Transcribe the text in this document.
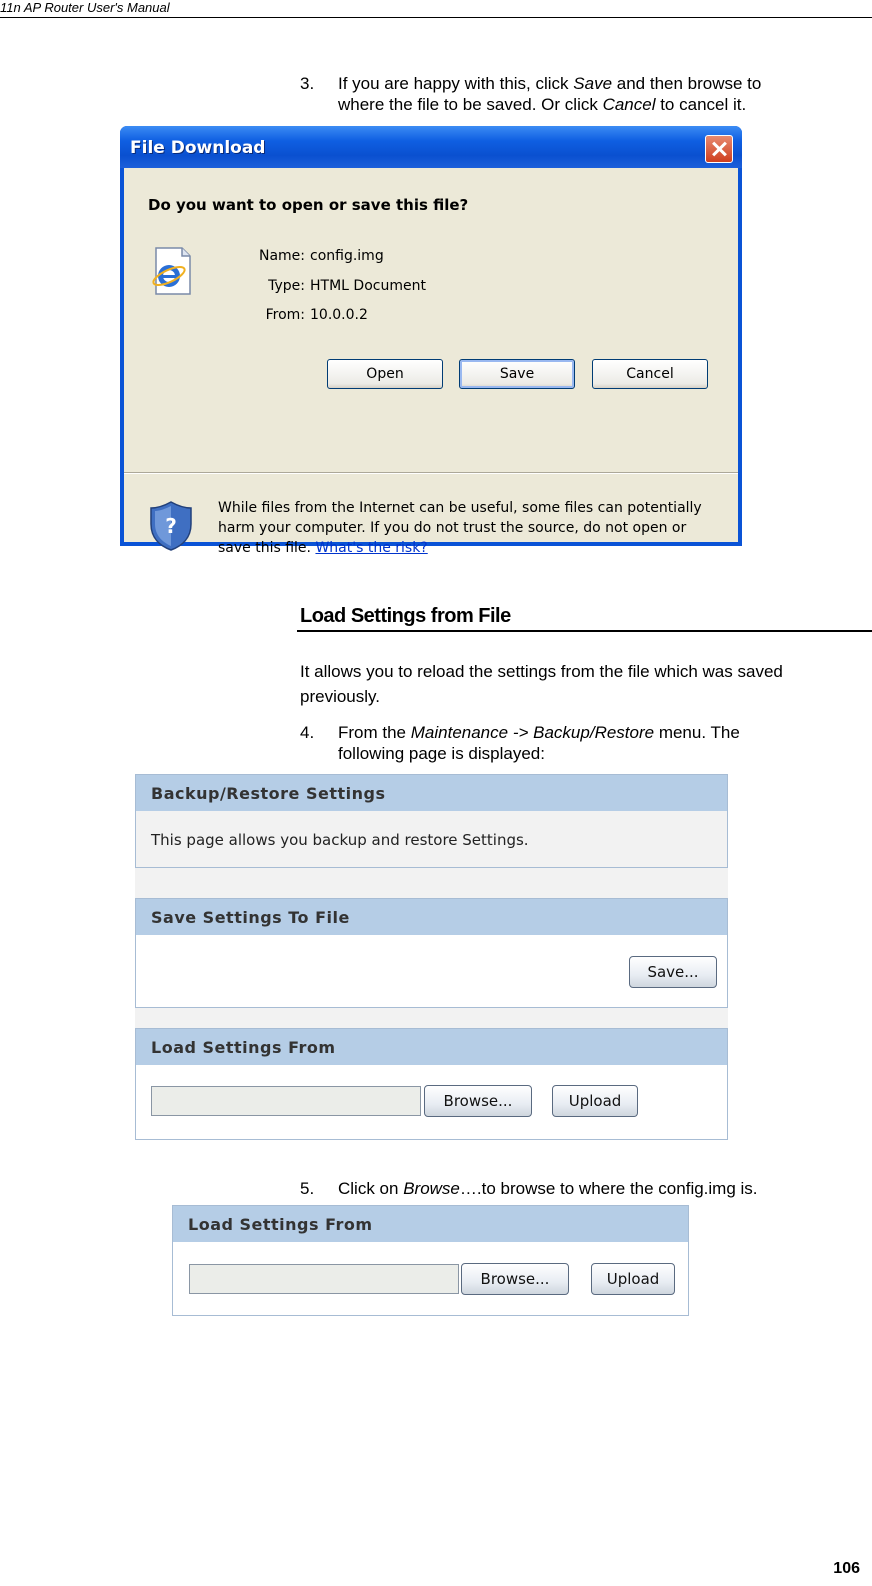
11n AP Router User's Manual
3. If you are happy with this, click Save and then browse to
where the file to be saved. Or click Cancel to cancel it.
File Download
Do you want to open or save this file?
Name: config.img
Type: HTML Document
From: 10.0.0.2
Open	Save	Cancel
?
While files from the Internet can be useful, some files can potentially
harm your computer. If you do not trust the source, do not open or
save this file. What's the risk?
Load Settings from File
It allows you to reload the settings from the file which was saved previously.
4. From the Maintenance -> Backup/Restore menu. The
following page is displayed:
Backup/Restore Settings
This page allows you backup and restore Settings.
Save Settings To File
Save...
Load Settings From
Browse...	Upload
5. Click on Browse….to browse to where the config.img is.
Load Settings From
Browse...	Upload
106
